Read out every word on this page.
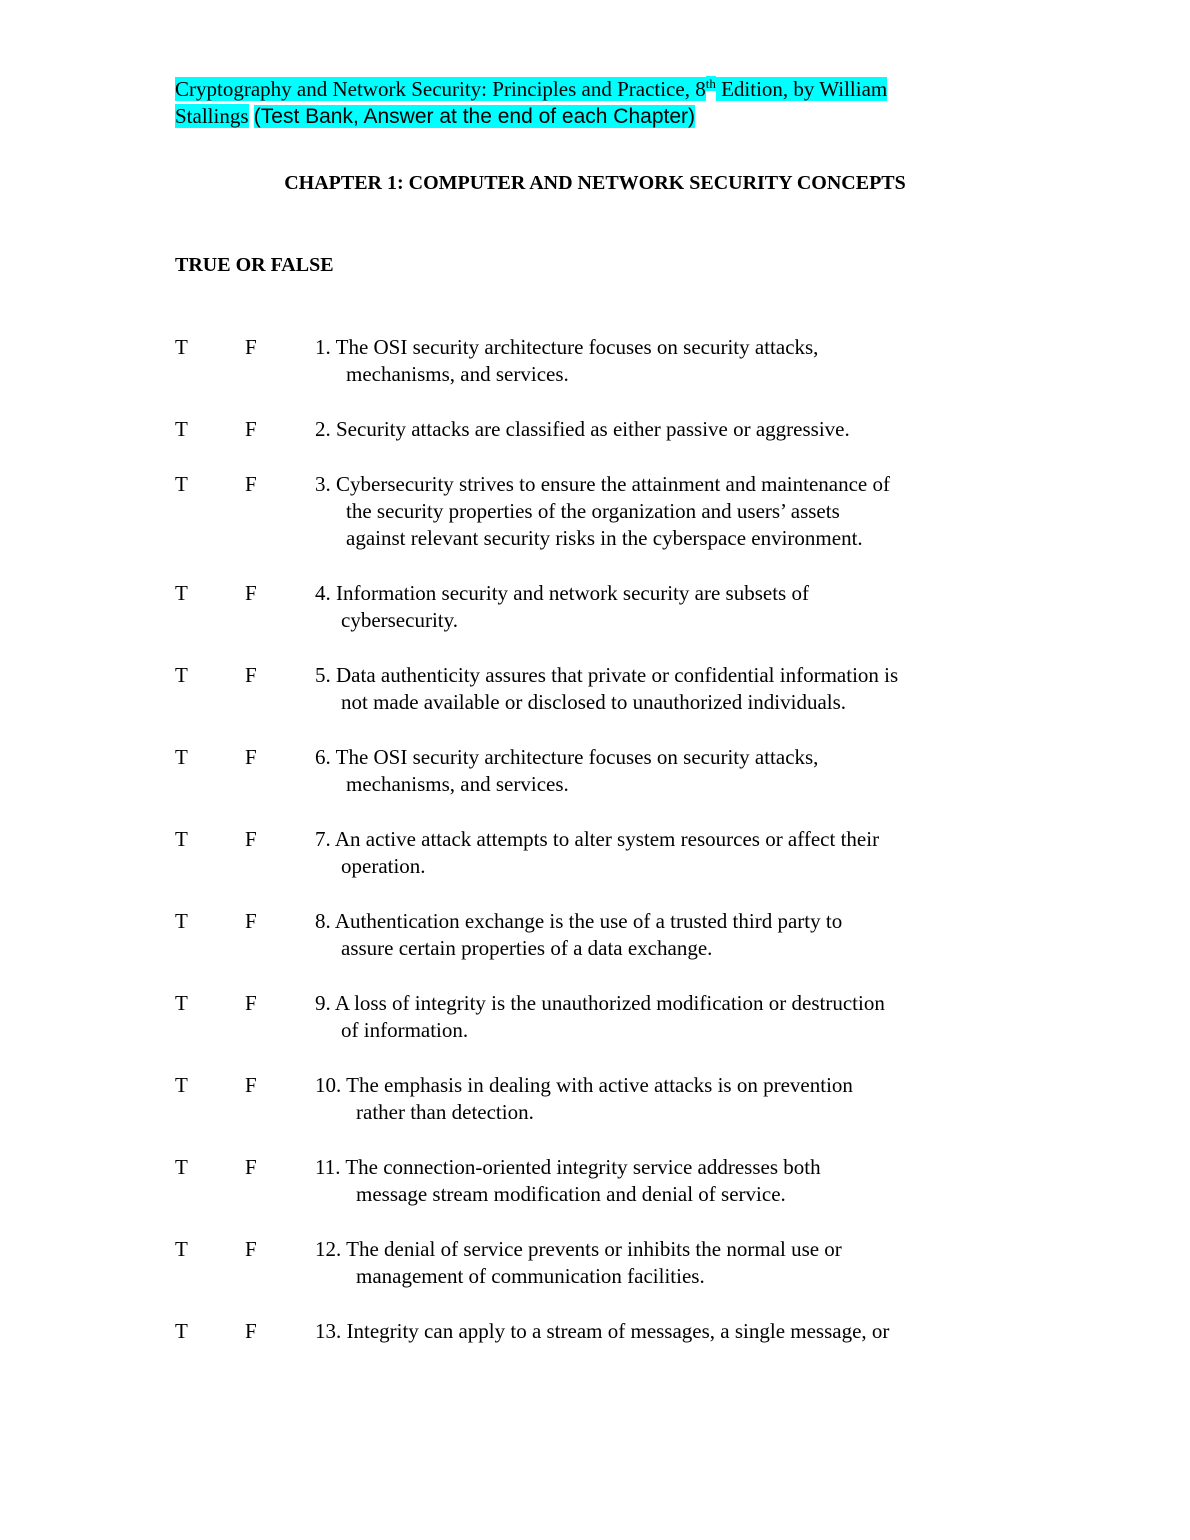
Cryptography and Network Security: Principles and Practice, 8th Edition, by William
Stallings (Test Bank, Answer at the end of each Chapter)
CHAPTER 1: COMPUTER AND NETWORK SECURITY CONCEPTS
TRUE OR FALSE
T	F	1. The OSI security architecture focuses on security attacks,
mechanisms, and services.
T	F	2. Security attacks are classified as either passive or aggressive.
T	F	3. Cybersecurity strives to ensure the attainment and maintenance of
the security properties of the organization and users’ assets
against relevant security risks in the cyberspace environment.
T	F	4. Information security and network security are subsets of
cybersecurity.
T	F	5. Data authenticity assures that private or confidential information is
not made available or disclosed to unauthorized individuals.
T	F	6. The OSI security architecture focuses on security attacks,
mechanisms, and services.
T	F	7. An active attack attempts to alter system resources or affect their
operation.
T	F	8. Authentication exchange is the use of a trusted third party to
assure certain properties of a data exchange.
T	F	9. A loss of integrity is the unauthorized modification or destruction
of information.
T	F	10. The emphasis in dealing with active attacks is on prevention
rather than detection.
T	F	11. The connection-oriented integrity service addresses both
message stream modification and denial of service.
T	F	12. The denial of service prevents or inhibits the normal use or
management of communication facilities.
T	F	13. Integrity can apply to a stream of messages, a single message, or
